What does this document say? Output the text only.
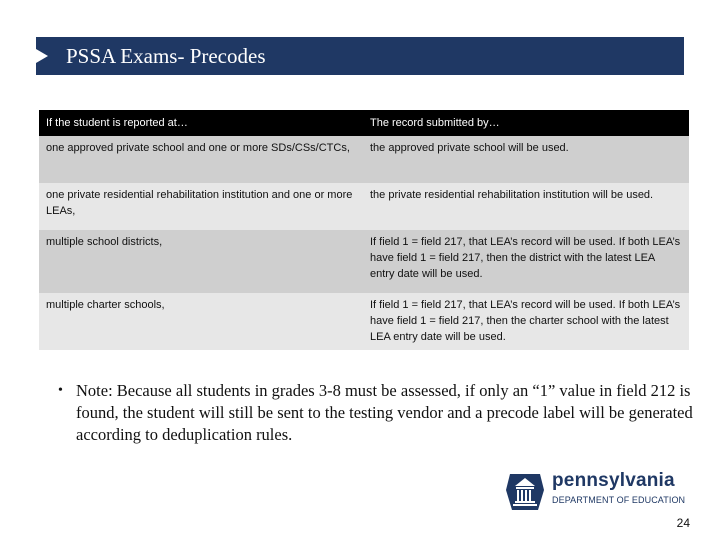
PSSA Exams- Precodes
If the student is reported at…	The record submitted by…
one approved private school and one or more SDs/CSs/CTCs,	the approved private school will be used.
one private residential rehabilitation institution and one or more LEAs,	the private residential rehabilitation institution will be used.
multiple school districts,	If field 1 = field 217, that LEA’s record will be used. If both LEA’s have field 1 = field 217, then the district with the latest LEA entry date will be used.
multiple charter schools,	If field 1 = field 217, that LEA’s record will be used. If both LEA’s have field 1 = field 217, then the charter school with the latest LEA entry date will be used.
• Note: Because all students in grades 3-8 must be assessed, if only an “1” value in field 212 is found, the student will still be sent to the testing vendor and a precode label will be generated according to deduplication rules.
pennsylvania
DEPARTMENT OF EDUCATION
24
